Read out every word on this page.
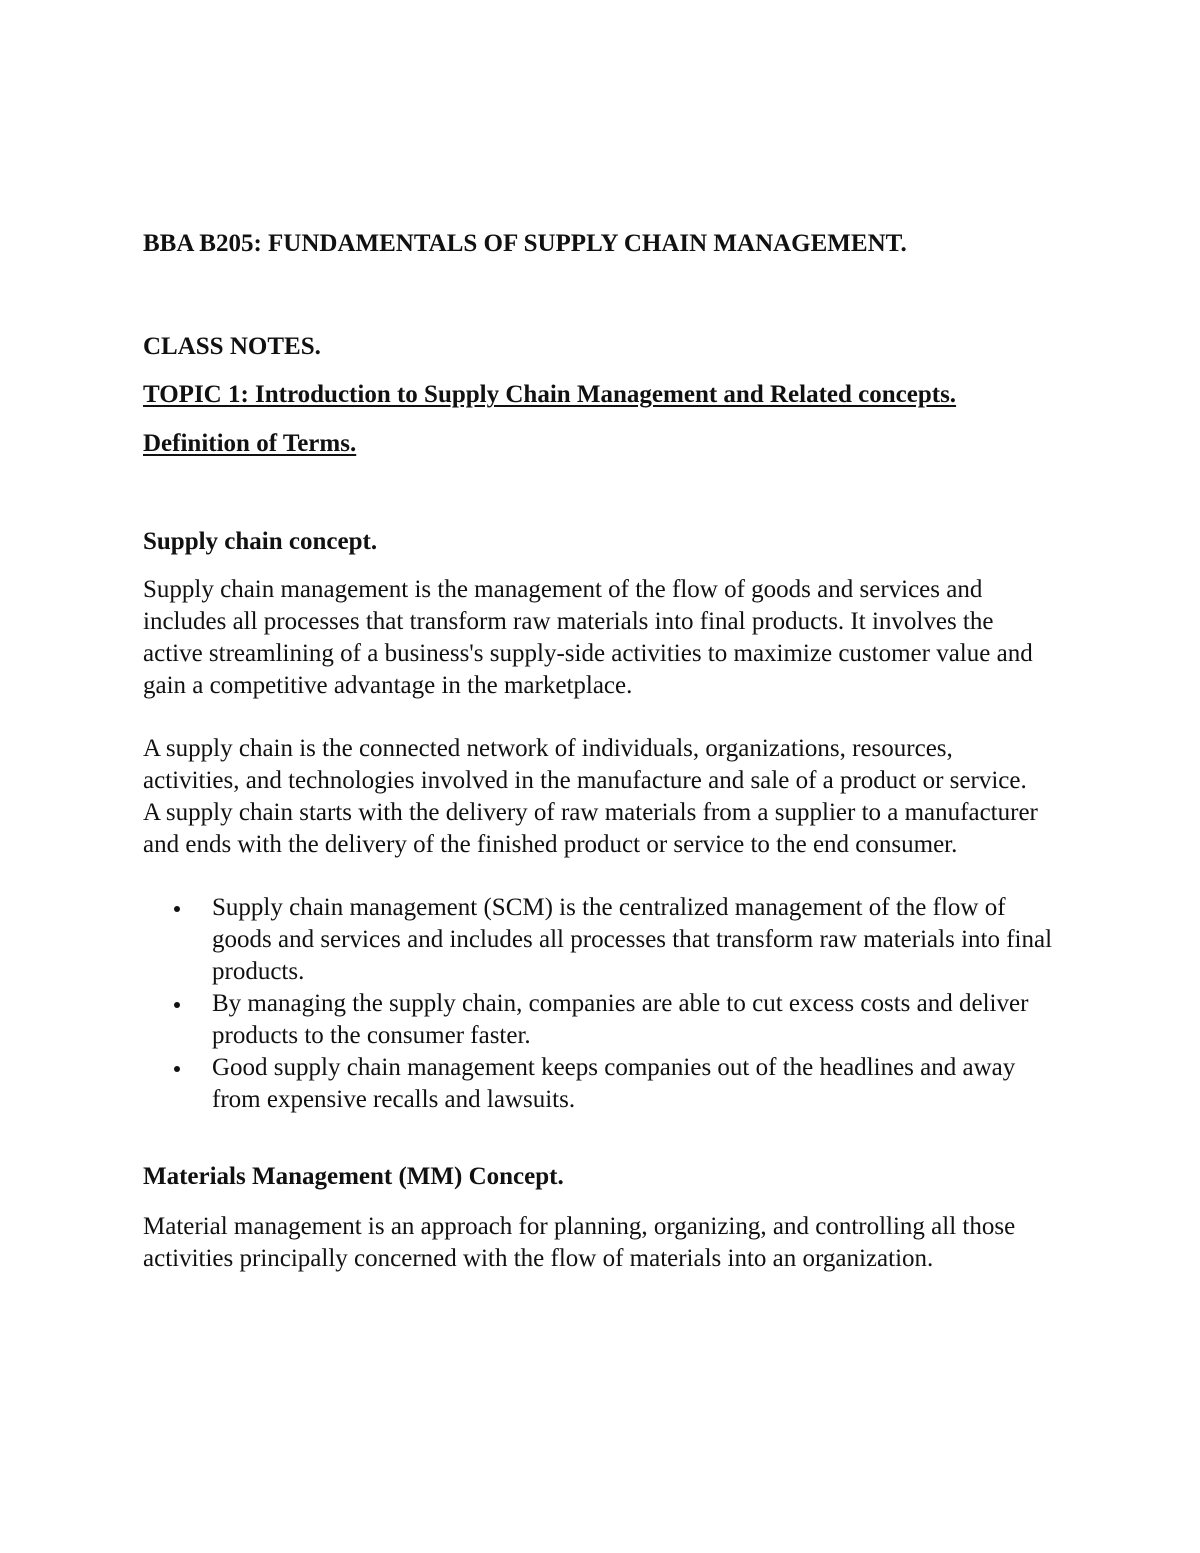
BBA B205: FUNDAMENTALS OF SUPPLY CHAIN MANAGEMENT.

CLASS NOTES.

TOPIC 1: Introduction to Supply Chain Management and Related concepts.

Definition of Terms.

Supply chain concept.

Supply chain management is the management of the flow of goods and services and includes all processes that transform raw materials into final products. It involves the active streamlining of a business's supply-side activities to maximize customer value and gain a competitive advantage in the marketplace.

A supply chain is the connected network of individuals, organizations, resources, activities, and technologies involved in the manufacture and sale of a product or service. A supply chain starts with the delivery of raw materials from a supplier to a manufacturer and ends with the delivery of the finished product or service to the end consumer.

Supply chain management (SCM) is the centralized management of the flow of goods and services and includes all processes that transform raw materials into final products.
By managing the supply chain, companies are able to cut excess costs and deliver products to the consumer faster.
Good supply chain management keeps companies out of the headlines and away from expensive recalls and lawsuits.

Materials Management (MM) Concept.

Material management is an approach for planning, organizing, and controlling all those activities principally concerned with the flow of materials into an organization.
